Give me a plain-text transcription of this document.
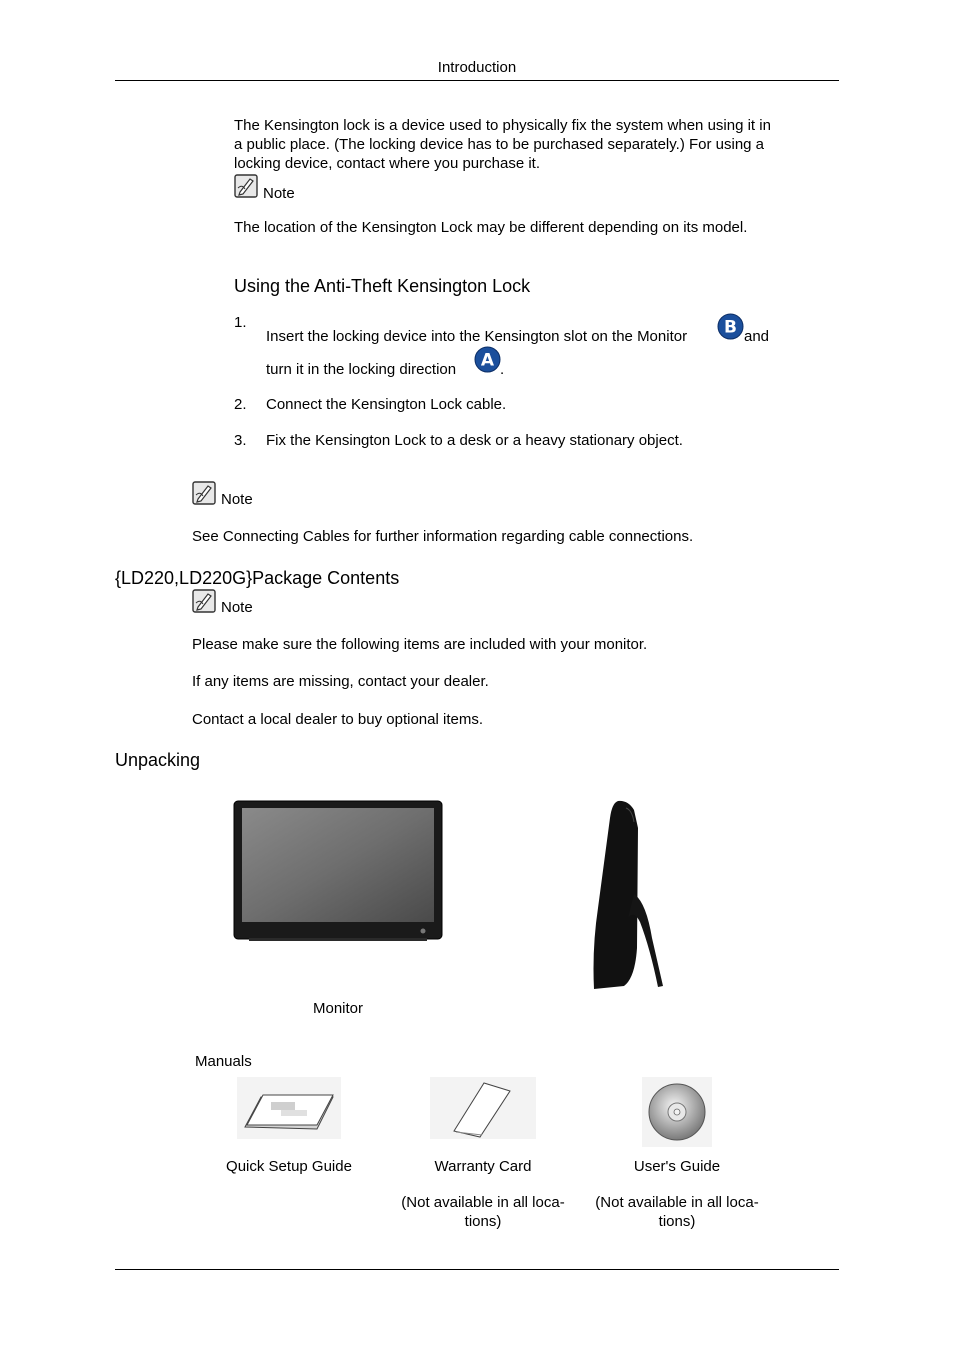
Introduction
The Kensington lock is a device used to physically fix the system when using it in a public place. (The locking device has to be purchased separately.) For using a locking device, contact where you purchase it.
Note
The location of the Kensington Lock may be different depending on its model.
Using the Anti-Theft Kensington Lock
1.
Insert the locking device into the Kensington slot on the Monitor B and
turn it in the locking direction A .
2. Connect the Kensington Lock cable.
3. Fix the Kensington Lock to a desk or a heavy stationary object.
Note
See Connecting Cables for further information regarding cable connections.
{LD220,LD220G}Package Contents
Note
Please make sure the following items are included with your monitor.
If any items are missing, contact your dealer.
Contact a local dealer to buy optional items.
Unpacking
Monitor
Manuals
Quick Setup Guide	Warranty Card
(Not available in all loca-
tions)
User's Guide
(Not available in all loca-
tions)
